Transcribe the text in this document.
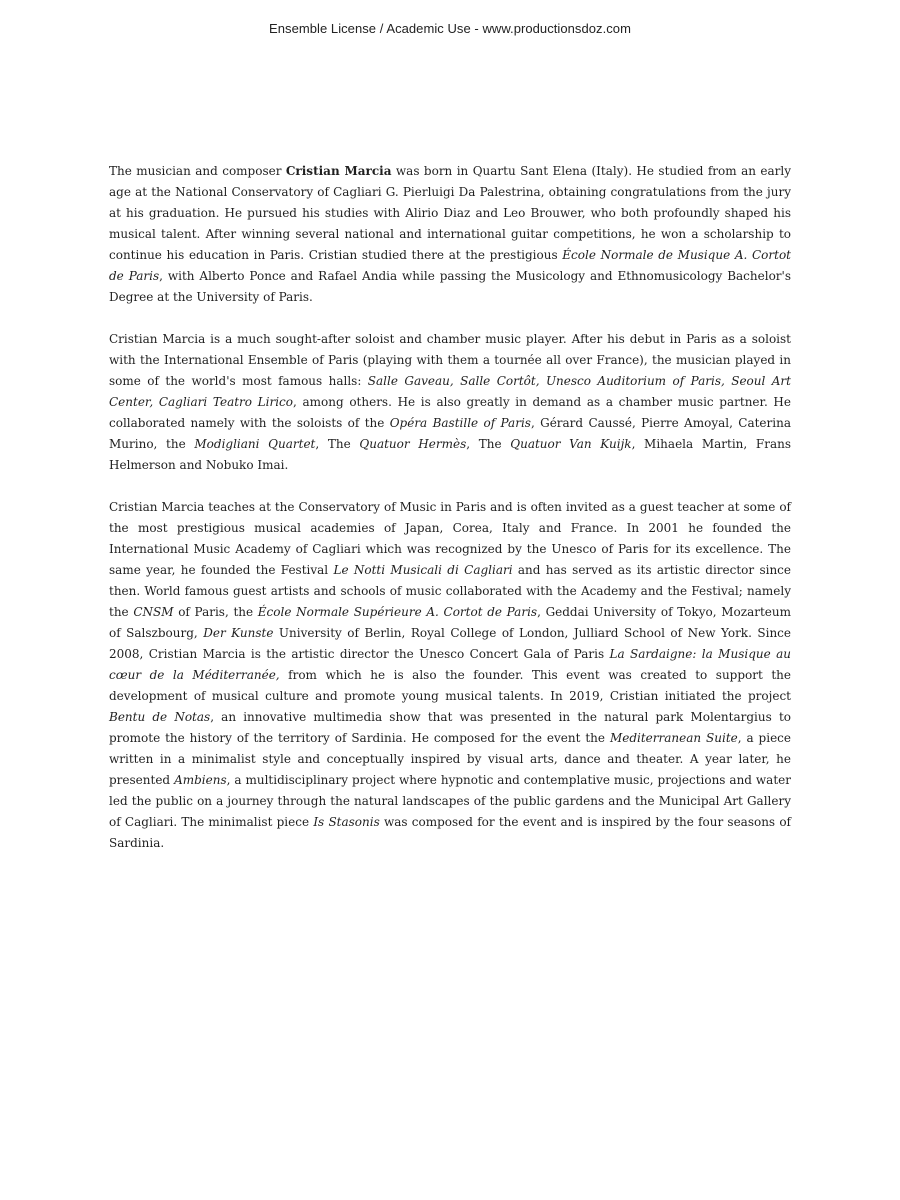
Ensemble License / Academic Use - www.productionsdoz.com

The musician and composer Cristian Marcia was born in Quartu Sant Elena (Italy). He studied from an early age at the National Conservatory of Cagliari G. Pierluigi Da Palestrina, obtaining congratulations from the jury at his graduation. He pursued his studies with Alirio Diaz and Leo Brouwer, who both profoundly shaped his musical talent. After winning several national and international guitar competitions, he won a scholarship to continue his education in Paris. Cristian studied there at the prestigious École Normale de Musique A. Cortot de Paris, with Alberto Ponce and Rafael Andia while passing the Musicology and Ethnomusicology Bachelor's Degree at the University of Paris.

Cristian Marcia is a much sought-after soloist and chamber music player. After his debut in Paris as a soloist with the International Ensemble of Paris (playing with them a tournée all over France), the musician played in some of the world's most famous halls: Salle Gaveau, Salle Cortôt, Unesco Auditorium of Paris, Seoul Art Center, Cagliari Teatro Lirico, among others. He is also greatly in demand as a chamber music partner. He collaborated namely with the soloists of the Opéra Bastille of Paris, Gérard Caussé, Pierre Amoyal, Caterina Murino, the Modigliani Quartet, The Quatuor Hermès, The Quatuor Van Kuijk, Mihaela Martin, Frans Helmerson and Nobuko Imai.

Cristian Marcia teaches at the Conservatory of Music in Paris and is often invited as a guest teacher at some of the most prestigious musical academies of Japan, Corea, Italy and France. In 2001 he founded the International Music Academy of Cagliari which was recognized by the Unesco of Paris for its excellence. The same year, he founded the Festival Le Notti Musicali di Cagliari and has served as its artistic director since then. World famous guest artists and schools of music collaborated with the Academy and the Festival; namely the CNSM of Paris, the École Normale Supérieure A. Cortot de Paris, Geddai University of Tokyo, Mozarteum of Salszbourg, Der Kunste University of Berlin, Royal College of London, Julliard School of New York. Since 2008, Cristian Marcia is the artistic director the Unesco Concert Gala of Paris La Sardaigne: la Musique au cœur de la Méditerranée, from which he is also the founder. This event was created to support the development of musical culture and promote young musical talents. In 2019, Cristian initiated the project Bentu de Notas, an innovative multimedia show that was presented in the natural park Molentargius to promote the history of the territory of Sardinia. He composed for the event the Mediterranean Suite, a piece written in a minimalist style and conceptually inspired by visual arts, dance and theater. A year later, he presented Ambiens, a multidisciplinary project where hypnotic and contemplative music, projections and water led the public on a journey through the natural landscapes of the public gardens and the Municipal Art Gallery of Cagliari. The minimalist piece Is Stasonis was composed for the event and is inspired by the four seasons of Sardinia.
